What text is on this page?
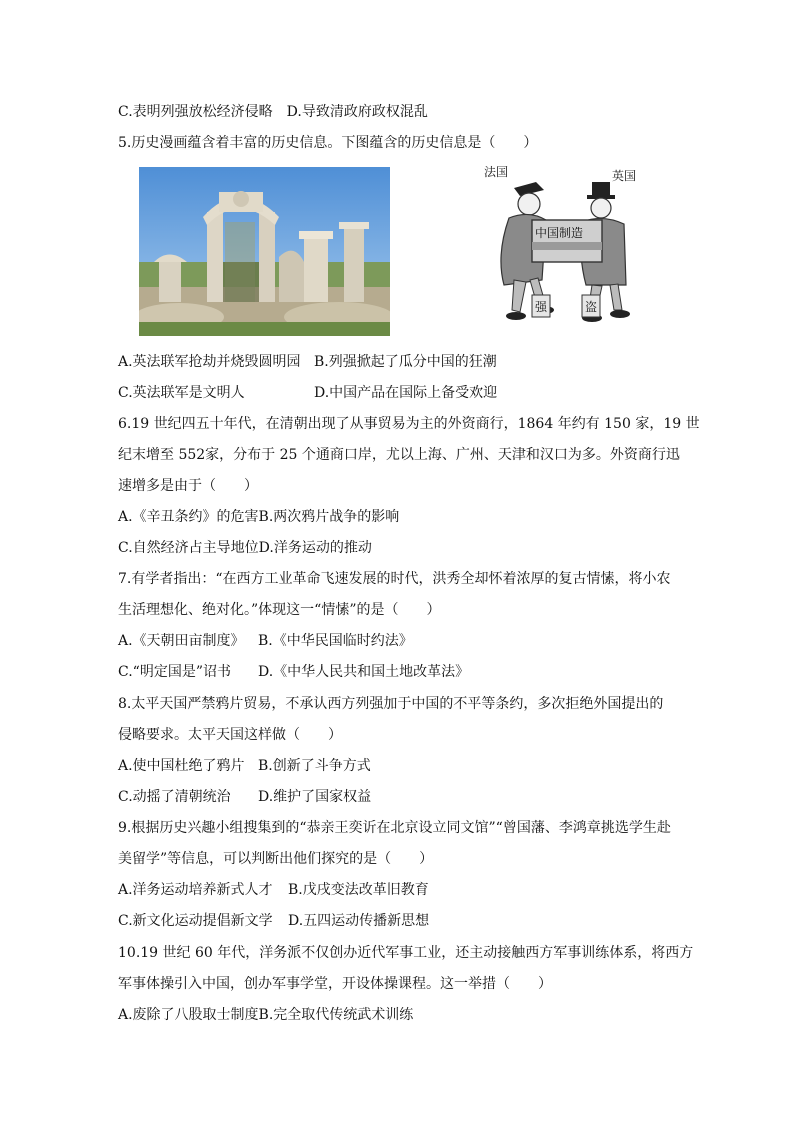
C.表明列强放松经济侵略　D.导致清政府政权混乱
5.历史漫画蕴含着丰富的历史信息。下图蕴含的历史信息是（　　）
法国	英国
中国制造
强	盗
A.英法联军抢劫并烧毁圆明园 B.列强掀起了瓜分中国的狂潮
C.英法联军是文明人	D.中国产品在国际上备受欢迎
6.19 世纪四五十年代，在清朝出现了从事贸易为主的外资商行，1864 年约有 150 家，19 世
纪末增至 552家，分布于 25 个通商口岸，尤以上海、广州、天津和汉口为多。外资商行迅
速增多是由于（　　）
A.《辛丑条约》的危害B.两次鸦片战争的影响
C.自然经济占主导地位D.洋务运动的推动
7.有学者指出：“在西方工业革命飞速发展的时代，洪秀全却怀着浓厚的复古情愫，将小农
生活理想化、绝对化。”体现这一“情愫”的是（　　）
A.《天朝田亩制度》 B.《中华民国临时约法》
C.“明定国是”诏书 D.《中华人民共和国土地改革法》
8.太平天国严禁鸦片贸易，不承认西方列强加于中国的不平等条约，多次拒绝外国提出的
侵略要求。太平天国这样做（　　）
A.使中国杜绝了鸦片 B.创新了斗争方式
C.动摇了清朝统治 D.维护了国家权益
9.根据历史兴趣小组搜集到的“恭亲王奕䜣在北京设立同文馆”“曾国藩、李鸿章挑选学生赴
美留学”等信息，可以判断出他们探究的是（　　）
A.洋务运动培养新式人才 B.戊戌变法改革旧教育
C.新文化运动提倡新文学 D.五四运动传播新思想
10.19 世纪 60 年代，洋务派不仅创办近代军事工业，还主动接触西方军事训练体系，将西方
军事体操引入中国，创办军事学堂，开设体操课程。这一举措（　　）
A.废除了八股取士制度B.完全取代传统武术训练
